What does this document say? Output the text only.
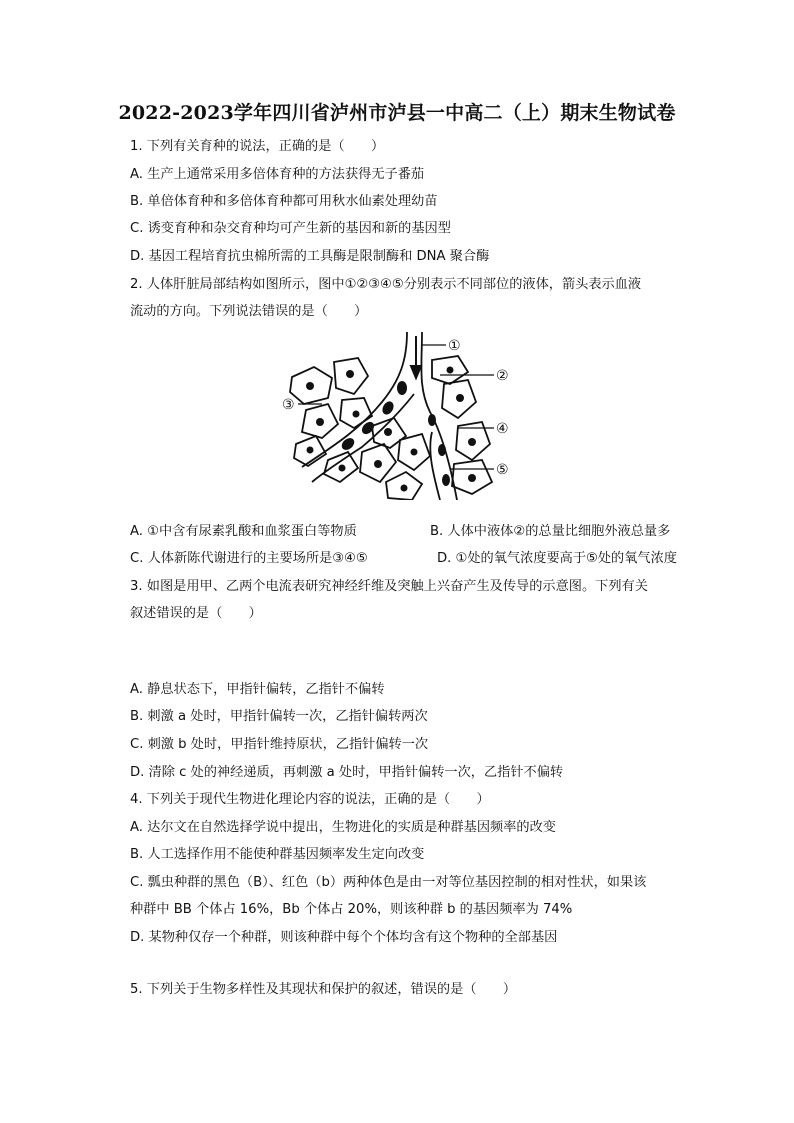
2022-2023学年四川省泸州市泸县一中高二（上）期末生物试卷
1. 下列有关育种的说法，正确的是（　　）
A. 生产上通常采用多倍体育种的方法获得无子番茄
B. 单倍体育种和多倍体育种都可用秋水仙素处理幼苗
C. 诱变育种和杂交育种均可产生新的基因和新的基因型
D. 基因工程培育抗虫棉所需的工具酶是限制酶和 DNA 聚合酶
2. 人体肝脏局部结构如图所示，图中①②③④⑤分别表示不同部位的液体，箭头表示血液
流动的方向。下列说法错误的是（　　）
①
②
③
④
⑤
A. ①中含有尿素乳酸和血浆蛋白等物质	B. 人体中液体②的总量比细胞外液总量多
C. 人体新陈代谢进行的主要场所是③④⑤	D. ①处的氧气浓度要高于⑤处的氧气浓度
3. 如图是用甲、乙两个电流表研究神经纤维及突触上兴奋产生及传导的示意图。下列有关
叙述错误的是（　　）
A. 静息状态下，甲指针偏转，乙指针不偏转
B. 刺激 a 处时，甲指针偏转一次，乙指针偏转两次
C. 刺激 b 处时，甲指针维持原状，乙指针偏转一次
D. 清除 c 处的神经递质，再刺激 a 处时，甲指针偏转一次，乙指针不偏转
4. 下列关于现代生物进化理论内容的说法，正确的是（　　）
A. 达尔文在自然选择学说中提出，生物进化的实质是种群基因频率的改变
B. 人工选择作用不能使种群基因频率发生定向改变
C. 瓢虫种群的黑色（B）、红色（b）两种体色是由一对等位基因控制的相对性状，如果该
种群中 BB 个体占 16%，Bb 个体占 20%，则该种群 b 的基因频率为 74%
D. 某物种仅存一个种群，则该种群中每个个体均含有这个物种的全部基因
5. 下列关于生物多样性及其现状和保护的叙述，错误的是（　　）
